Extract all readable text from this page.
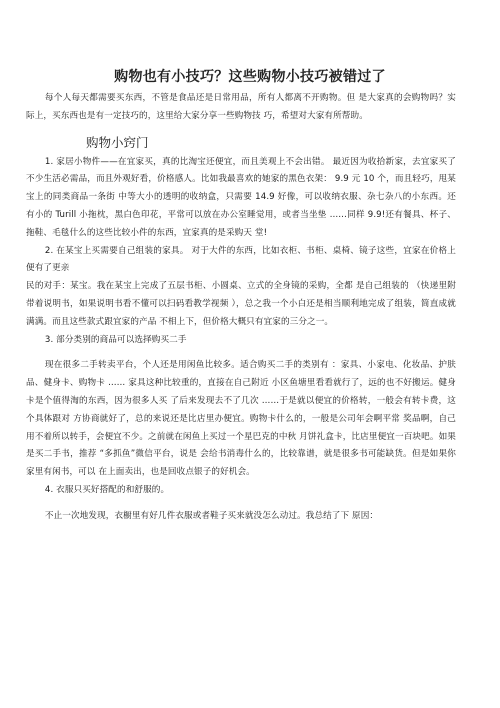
购物也有小技巧？这些购物小技巧被错过了

每个人每天都需要买东西，不管是食品还是日常用品，所有人都离不开购物。但 是大家真的会购物吗？实际上，买东西也是有一定技巧的，这里给大家分享一些购物技 巧，希望对大家有所帮助。

购物小窍门

1. 家居小物件——在宜家买，真的比淘宝还便宜，而且美观上不会出错。 最近因为收拾新家，去宜家买了不少生活必需品，而且外观好看，价格感人。比如我最喜欢的她家的黑色衣架： 9.9 元 10 个，而且轻巧，甩某宝上的同类商品一条街 中等大小的透明的收纳盒，只需要 14.9 好像，可以收纳衣服、杂七杂八的小东西。还 有小的 Turill 小拖枕，黑白色印花，平常可以放在办公室睡觉用，或者当坐垫 ……同样 9.9!还有餐具、杯子、拖鞋、毛毯什么的这些比较小件的东西，宜家真的是采购天 堂!

2. 在某宝上买需要自己组装的家具。 对于大件的东西，比如衣柜、书柜、桌椅、镜子这些，宜家在价格上便有了更亲

民的对手：某宝。我在某宝上完成了五层书柜、小圆桌、立式的全身镜的采购，全都 是自己组装的 （快递里附带着说明书，如果说明书看不懂可以扫码看教学视频 ），总之我一个小白还是相当顺利地完成了组装，简直成就满满。而且这些款式跟宜家的产品 不相上下，但价格大概只有宜家的三分之一。

3. 部分类别的商品可以选择购买二手

现在很多二手转卖平台，个人还是用闲鱼比较多。适合购买二手的类别有 ：家具、小家电、化妆品、护肤品、健身卡、购物卡 …… 家具这种比较重的，直接在自己附近 小区鱼塘里看看就行了，远的也不好搬运。健身卡是个值得淘的东西，因为很多人买 了后来发现去不了几次 ……于是就以便宜的价格转，一般会有转卡费，这个具体跟对 方协商就好了，总的来说还是比店里办便宜。购物卡什么的，一般是公司年会啊平常 奖品啊，自己用不着所以转手，会便宜不少。之前就在闲鱼上买过一个星巴克的中秋 月饼礼盒卡，比店里便宜一百块吧。如果是买二手书，推荐 “多抓鱼”微信平台，说是 会给书消毒什么的，比较靠谱，就是很多书可能缺货。但是如果你家里有闲书，可以 在上面卖出，也是回收点银子的好机会。

4. 衣服只买好搭配的和舒服的。

不止一次地发现，衣橱里有好几件衣服或者鞋子买来就没怎么动过。我总结了下 原因：
